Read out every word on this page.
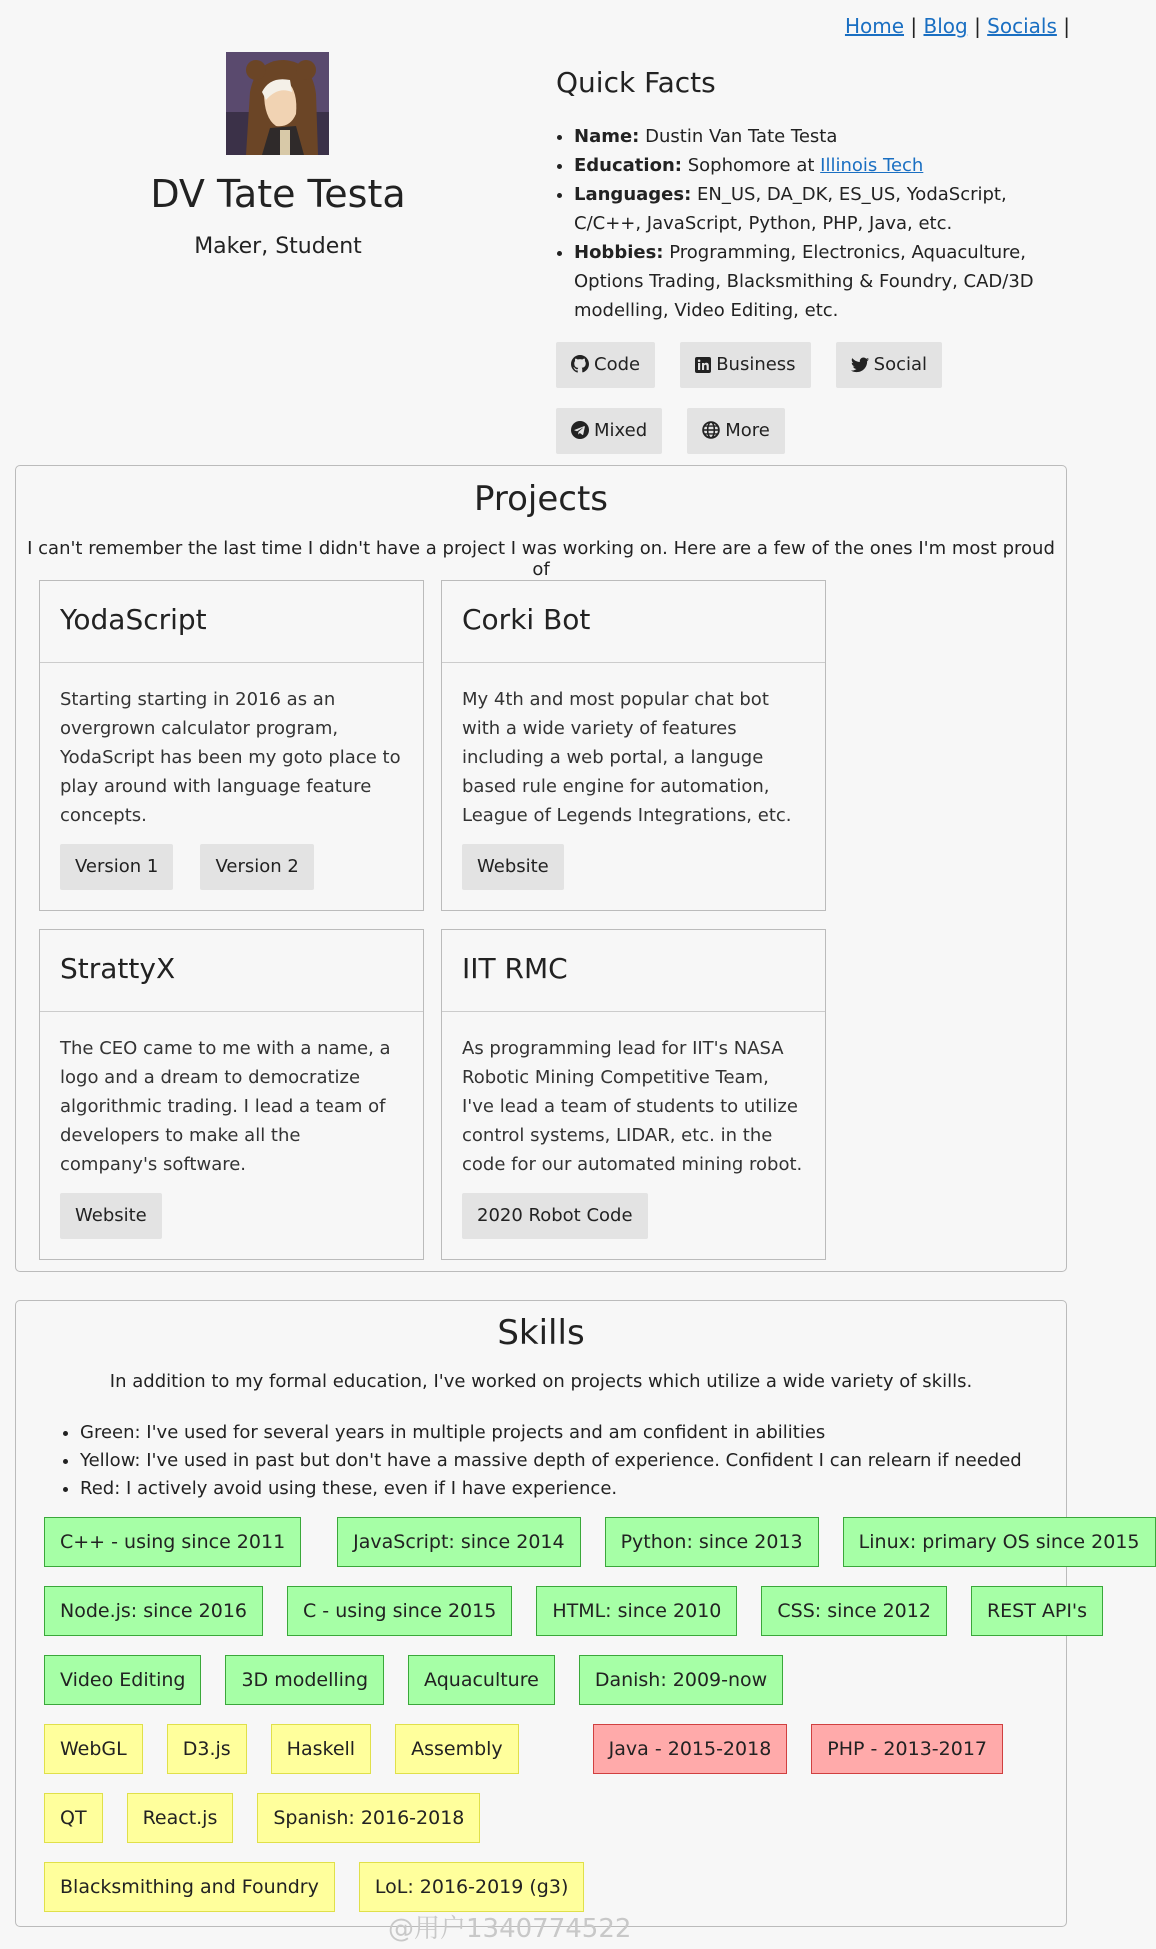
Home | Blog | Socials |
DV Tate Testa
Maker, Student
Quick Facts
• Name: Dustin Van Tate Testa
• Education: Sophomore at Illinois Tech
• Languages: EN_US, DA_DK, ES_US, YodaScript, C/C++, JavaScript, Python, PHP, Java, etc.
• Hobbies: Programming, Electronics, Aquaculture, Options Trading, Blacksmithing & Foundry, CAD/3D modelling, Video Editing, etc.
Code	Business	Social Mixed	More
Projects
I can't remember the last time I didn't have a project I was working on. Here are a few of the ones I'm most proud of
YodaScript
Starting starting in 2016 as an overgrown calculator program, YodaScript has been my goto place to play around with language feature concepts.
Version 1	Version 2
Corki Bot
My 4th and most popular chat bot with a wide variety of features including a web portal, a languge based rule engine for automation, League of Legends Integrations, etc.
Website
StrattyX
The CEO came to me with a name, a logo and a dream to democratize algorithmic trading. I lead a team of developers to make all the company's software.
Website
IIT RMC
As programming lead for IIT's NASA Robotic Mining Competitive Team, I've lead a team of students to utilize control systems, LIDAR, etc. in the code for our automated mining robot.
2020 Robot Code
Skills
In addition to my formal education, I've worked on projects which utilize a wide variety of skills.
• Green: I've used for several years in multiple projects and am confident in abilities
• Yellow: I've used in past but don't have a massive depth of experience. Confident I can relearn if needed
• Red: I actively avoid using these, even if I have experience.
C++ - using since 2011	JavaScript: since 2014	Python: since 2013	Linux: primary OS since 2015
Node.js: since 2016	C - using since 2015	HTML: since 2010	CSS: since 2012	REST API's
Video Editing	3D modelling	Aquaculture	Danish: 2009-now
WebGL	D3.js	Haskell	Assembly	Java - 2015-2018	PHP - 2013-2017
QT	React.js	Spanish: 2016-2018
Blacksmithing and Foundry	LoL: 2016-2019 (g3)
@用户1340774522
